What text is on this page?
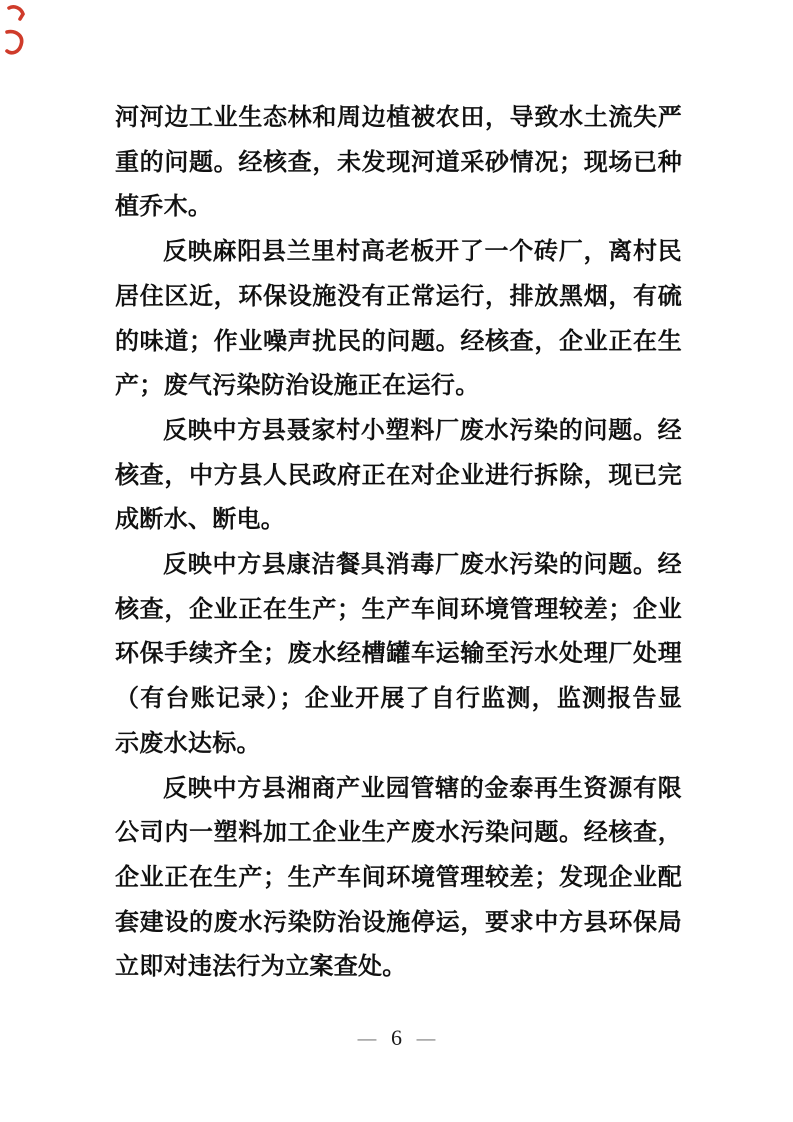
河河边工业生态林和周边植被农田，导致水土流失严重的问题。经核查，未发现河道采砂情况；现场已种植乔木。

反映麻阳县兰里村高老板开了一个砖厂，离村民居住区近，环保设施没有正常运行，排放黑烟，有硫的味道；作业噪声扰民的问题。经核查，企业正在生产；废气污染防治设施正在运行。

反映中方县聂家村小塑料厂废水污染的问题。经核查，中方县人民政府正在对企业进行拆除，现已完成断水、断电。

反映中方县康洁餐具消毒厂废水污染的问题。经核查，企业正在生产；生产车间环境管理较差；企业环保手续齐全；废水经槽罐车运输至污水处理厂处理（有台账记录）；企业开展了自行监测，监测报告显示废水达标。

反映中方县湘商产业园管辖的金泰再生资源有限公司内一塑料加工企业生产废水污染问题。经核查，企业正在生产；生产车间环境管理较差；发现企业配套建设的废水污染防治设施停运，要求中方县环保局立即对违法行为立案查处。

— 6 —
